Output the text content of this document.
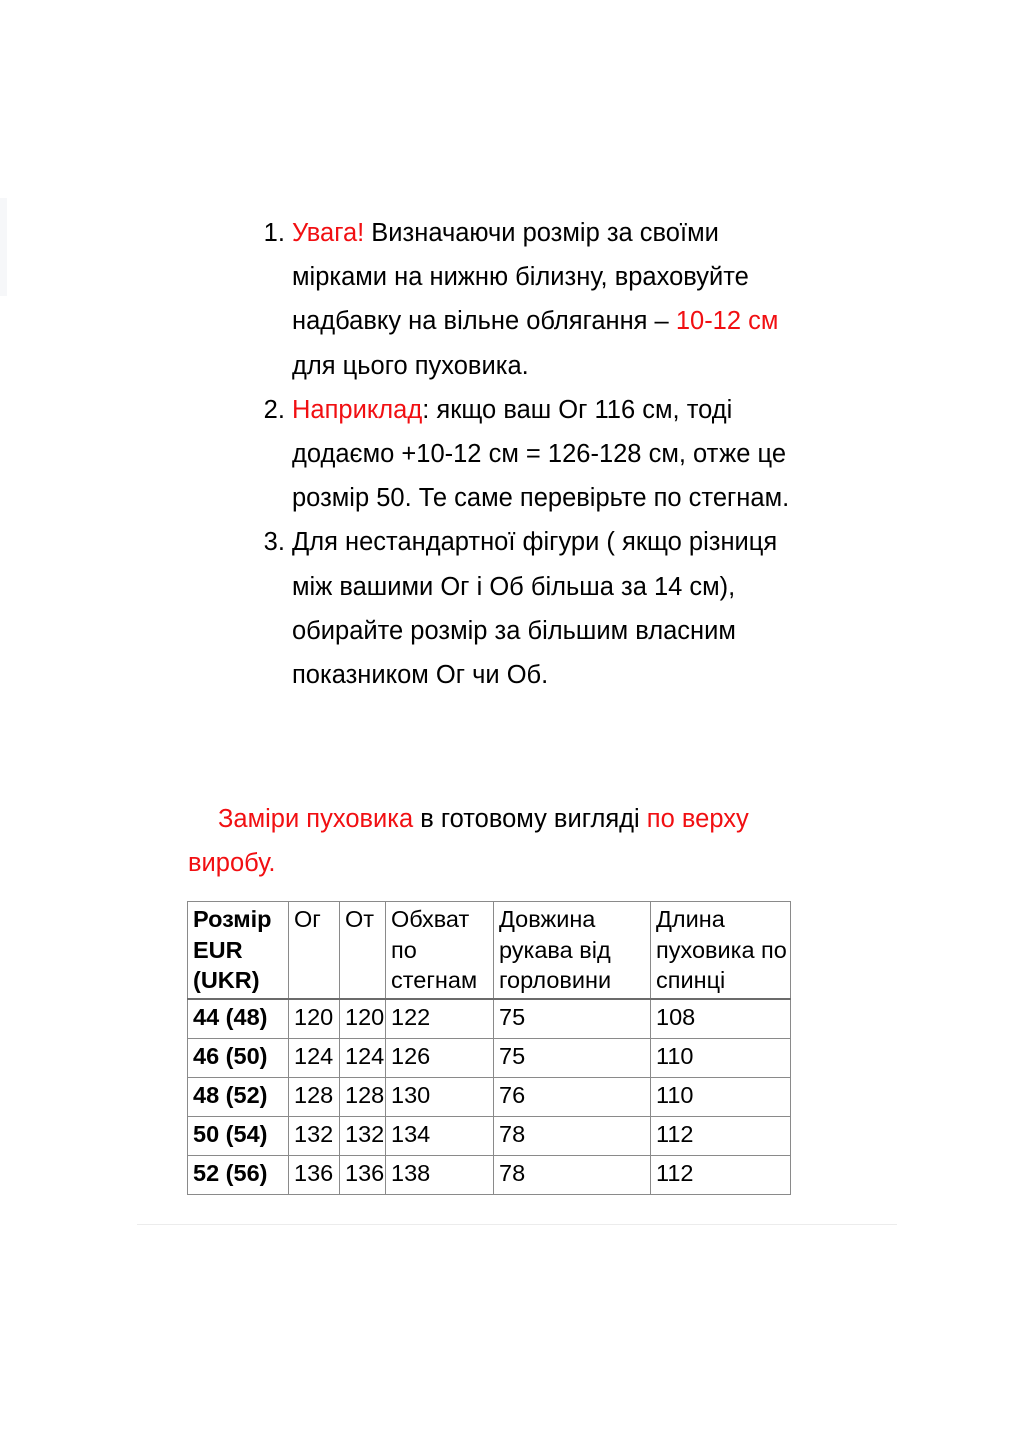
1. Увага! Визначаючи розмір за своїми мірками на нижню білизну, враховуйте надбавку на вільне облягання – 10-12 см для цього пуховика.
2. Наприклад: якщо ваш Ог 116 см, тоді додаємо +10-12 см = 126-128 см, отже це розмір 50. Те саме перевірьте по стегнам.
3. Для нестандартної фігури ( якщо різниця між вашими Ог і Об більша за 14 см), обирайте розмір за більшим власним показником Ог чи Об.

Заміри пуховика в готовому вигляді по верху виробу.

Розмір EUR (UKR)	Ог	От	Обхват по стегнам	Довжина рукава від горловини	Длина пуховика по спинці
44 (48)	120	120	122	75	108
46 (50)	124	124	126	75	110
48 (52)	128	128	130	76	110
50 (54)	132	132	134	78	112
52 (56)	136	136	138	78	112
